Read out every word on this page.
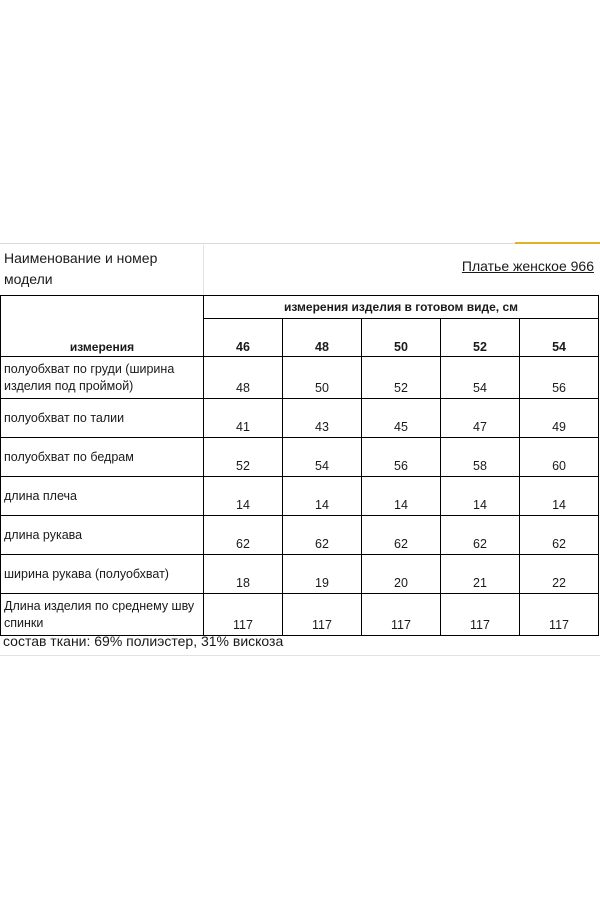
Наименование и номер модели
Платье женское 966
измерения	измерения изделия в готовом виде, см				
	46	48	50	52	54
полуобхват по груди (ширина изделия под проймой)	48	50	52	54	56
полуобхват по талии	41	43	45	47	49
полуобхват по бедрам	52	54	56	58	60
длина плеча	14	14	14	14	14
длина рукава	62	62	62	62	62
ширина рукава (полуобхват)	18	19	20	21	22
Длина изделия по среднему шву спинки	117	117	117	117	117
состав ткани: 69% полиэстер, 31% вискоза
